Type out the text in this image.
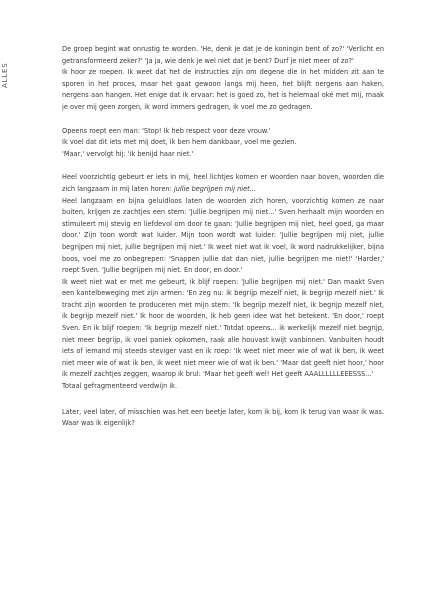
ALLES

De groep begint wat onrustig te worden. 'He, denk je dat je de koningin bent of zo?' 'Verlicht en getransformeerd zeker?' 'Ja ja, wie denk je wel niet dat je bent? Durf je niet meer of zo?'

Ik hoor ze roepen. Ik weet dat het de instructies zijn om degene die in het midden zit aan te sporen in het proces, maar het gaat gewoon langs mij heen, het blijft nergens aan haken, nergens aan hangen. Het enige dat ik ervaar: het is goed zo, het is helemaal oké met mij, maak je over mij geen zorgen, ik word immers gedragen, ik voel me zo gedragen.

Opeens roept een man: 'Stop! Ik heb respect voor deze vrouw.'

Ik voel dat dit iets met mij doet, ik ben hem dankbaar, voel me gezien.

'Maar,' vervolgt hij: 'ik benijd haar niet.'

Heel voorzichtig gebeurt er iets in mij, heel lichtjes komen er woorden naar boven, woorden die zich langzaam in mij laten horen: jullie begrijpen mij niet...

Heel langzaam en bijna geluidloos laten de woorden zich horen, voorzichtig komen ze naar buiten, krijgen ze zachtjes een stem: 'Jullie begrijpen mij niet...' Sven herhaalt mijn woorden en stimuleert mij stevig en liefdevol om door te gaan: 'Jullie begrijpen mij niet, heel goed, ga maar door.' Zijn toon wordt wat luider. Mijn toon wordt wat luider: 'Jullie begrijpen mij niet, jullie begrijpen mij niet, jullie begrijpen mij niet.' Ik weet niet wat ik voel, ik word nadrukkelijker, bijna boos, voel me zo onbegrepen: 'Snappen jullie dat dan niet, jullie begrijpen me niet!' 'Harder,' roept Sven. 'Jullie begrijpen mij niet. En door, en door.'

Ik weet niet wat er met me gebeurt, ik blijf roepen: 'Jullie begrijpen mij niet.' Dan maakt Sven een kantelbeweging met zijn armen: 'En zeg nu: ik begrijp mezelf niet, ik begrijp mezelf niet.' Ik tracht zijn woorden te produceren met mijn stem: 'Ik begrijp mezelf niet, ik begrijp mezelf niet, ik begrijp mezelf niet.' Ik hoor de woorden, ik heb geen idee wat het betekent. 'En door,' roept Sven. En ik blijf roepen: 'Ik begrijp mezelf niet.' Totdat opeens... ik werkelijk mezelf niet begrijp, niet meer begrijp, ik voel paniek opkomen, raak alle houvast kwijt vanbinnen. Vanbuiten houdt iets of iemand mij steeds steviger vast en ik roep: 'Ik weet niet meer wie of wat ik ben, ik weet niet meer wie of wat ik ben, ik weet niet meer wie of wat ik ben.' 'Maar dat geeft niet hoor,' hoor ik mezelf zachtjes zeggen, waarop ik brul: 'Maar het geeft wel! Het geeft AAALLLLLLEEESSS...'

Totaal gefragmenteerd verdwijn ik.

Later, veel later, of misschien was het een beetje later, kom ik bij, kom ik terug van waar ik was. Waar was ik eigenlijk?
